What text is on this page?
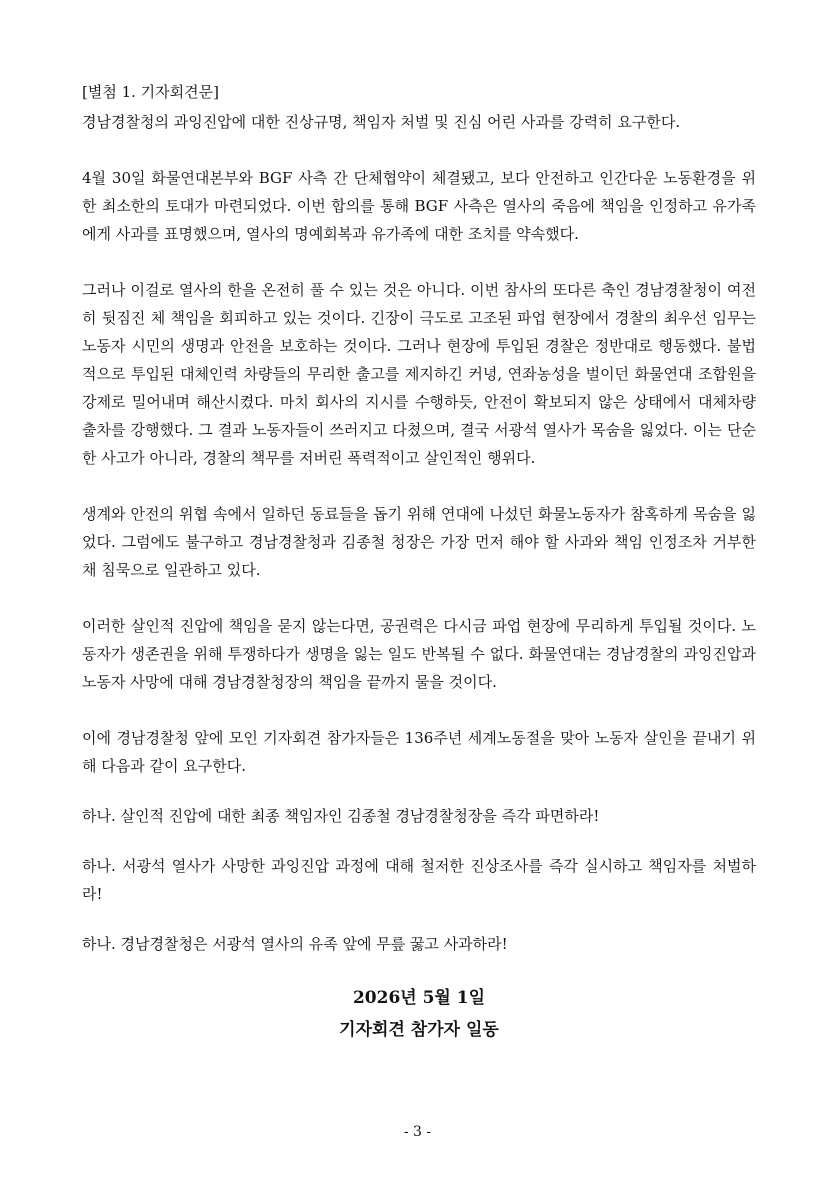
[별첨 1. 기자회견문]

경남경찰청의 과잉진압에 대한 진상규명, 책임자 처벌 및 진심 어린 사과를 강력히 요구한다.

4월 30일 화물연대본부와 BGF 사측 간 단체협약이 체결됐고, 보다 안전하고 인간다운 노동환경을 위한 최소한의 토대가 마련되었다. 이번 합의를 통해 BGF 사측은 열사의 죽음에 책임을 인정하고 유가족에게 사과를 표명했으며, 열사의 명예회복과 유가족에 대한 조치를 약속했다.

그러나 이걸로 열사의 한을 온전히 풀 수 있는 것은 아니다. 이번 참사의 또다른 축인 경남경찰청이 여전히 뒷짐진 체 책임을 회피하고 있는 것이다. 긴장이 극도로 고조된 파업 현장에서 경찰의 최우선 임무는 노동자 시민의 생명과 안전을 보호하는 것이다. 그러나 현장에 투입된 경찰은 정반대로 행동했다. 불법적으로 투입된 대체인력 차량들의 무리한 출고를 제지하긴 커녕, 연좌농성을 벌이던 화물연대 조합원을 강제로 밀어내며 해산시켰다. 마치 회사의 지시를 수행하듯, 안전이 확보되지 않은 상태에서 대체차량 출차를 강행했다. 그 결과 노동자들이 쓰러지고 다쳤으며, 결국 서광석 열사가 목숨을 잃었다. 이는 단순한 사고가 아니라, 경찰의 책무를 저버린 폭력적이고 살인적인 행위다.

생계와 안전의 위협 속에서 일하던 동료들을 돕기 위해 연대에 나섰던 화물노동자가 참혹하게 목숨을 잃었다. 그럼에도 불구하고 경남경찰청과 김종철 청장은 가장 먼저 해야 할 사과와 책임 인정조차 거부한 채 침묵으로 일관하고 있다.

이러한 살인적 진압에 책임을 묻지 않는다면, 공권력은 다시금 파업 현장에 무리하게 투입될 것이다. 노동자가 생존권을 위해 투쟁하다가 생명을 잃는 일도 반복될 수 없다. 화물연대는 경남경찰의 과잉진압과 노동자 사망에 대해 경남경찰청장의 책임을 끝까지 물을 것이다.

이에 경남경찰청 앞에 모인 기자회견 참가자들은 136주년 세계노동절을 맞아 노동자 살인을 끝내기 위해 다음과 같이 요구한다.

하나. 살인적 진압에 대한 최종 책임자인 김종철 경남경찰청장을 즉각 파면하라!

하나. 서광석 열사가 사망한 과잉진압 과정에 대해 철저한 진상조사를 즉각 실시하고 책임자를 처벌하라!

하나. 경남경찰청은 서광석 열사의 유족 앞에 무릎 꿇고 사과하라!

2026년 5월 1일

기자회견 참가자 일동

- 3 -
